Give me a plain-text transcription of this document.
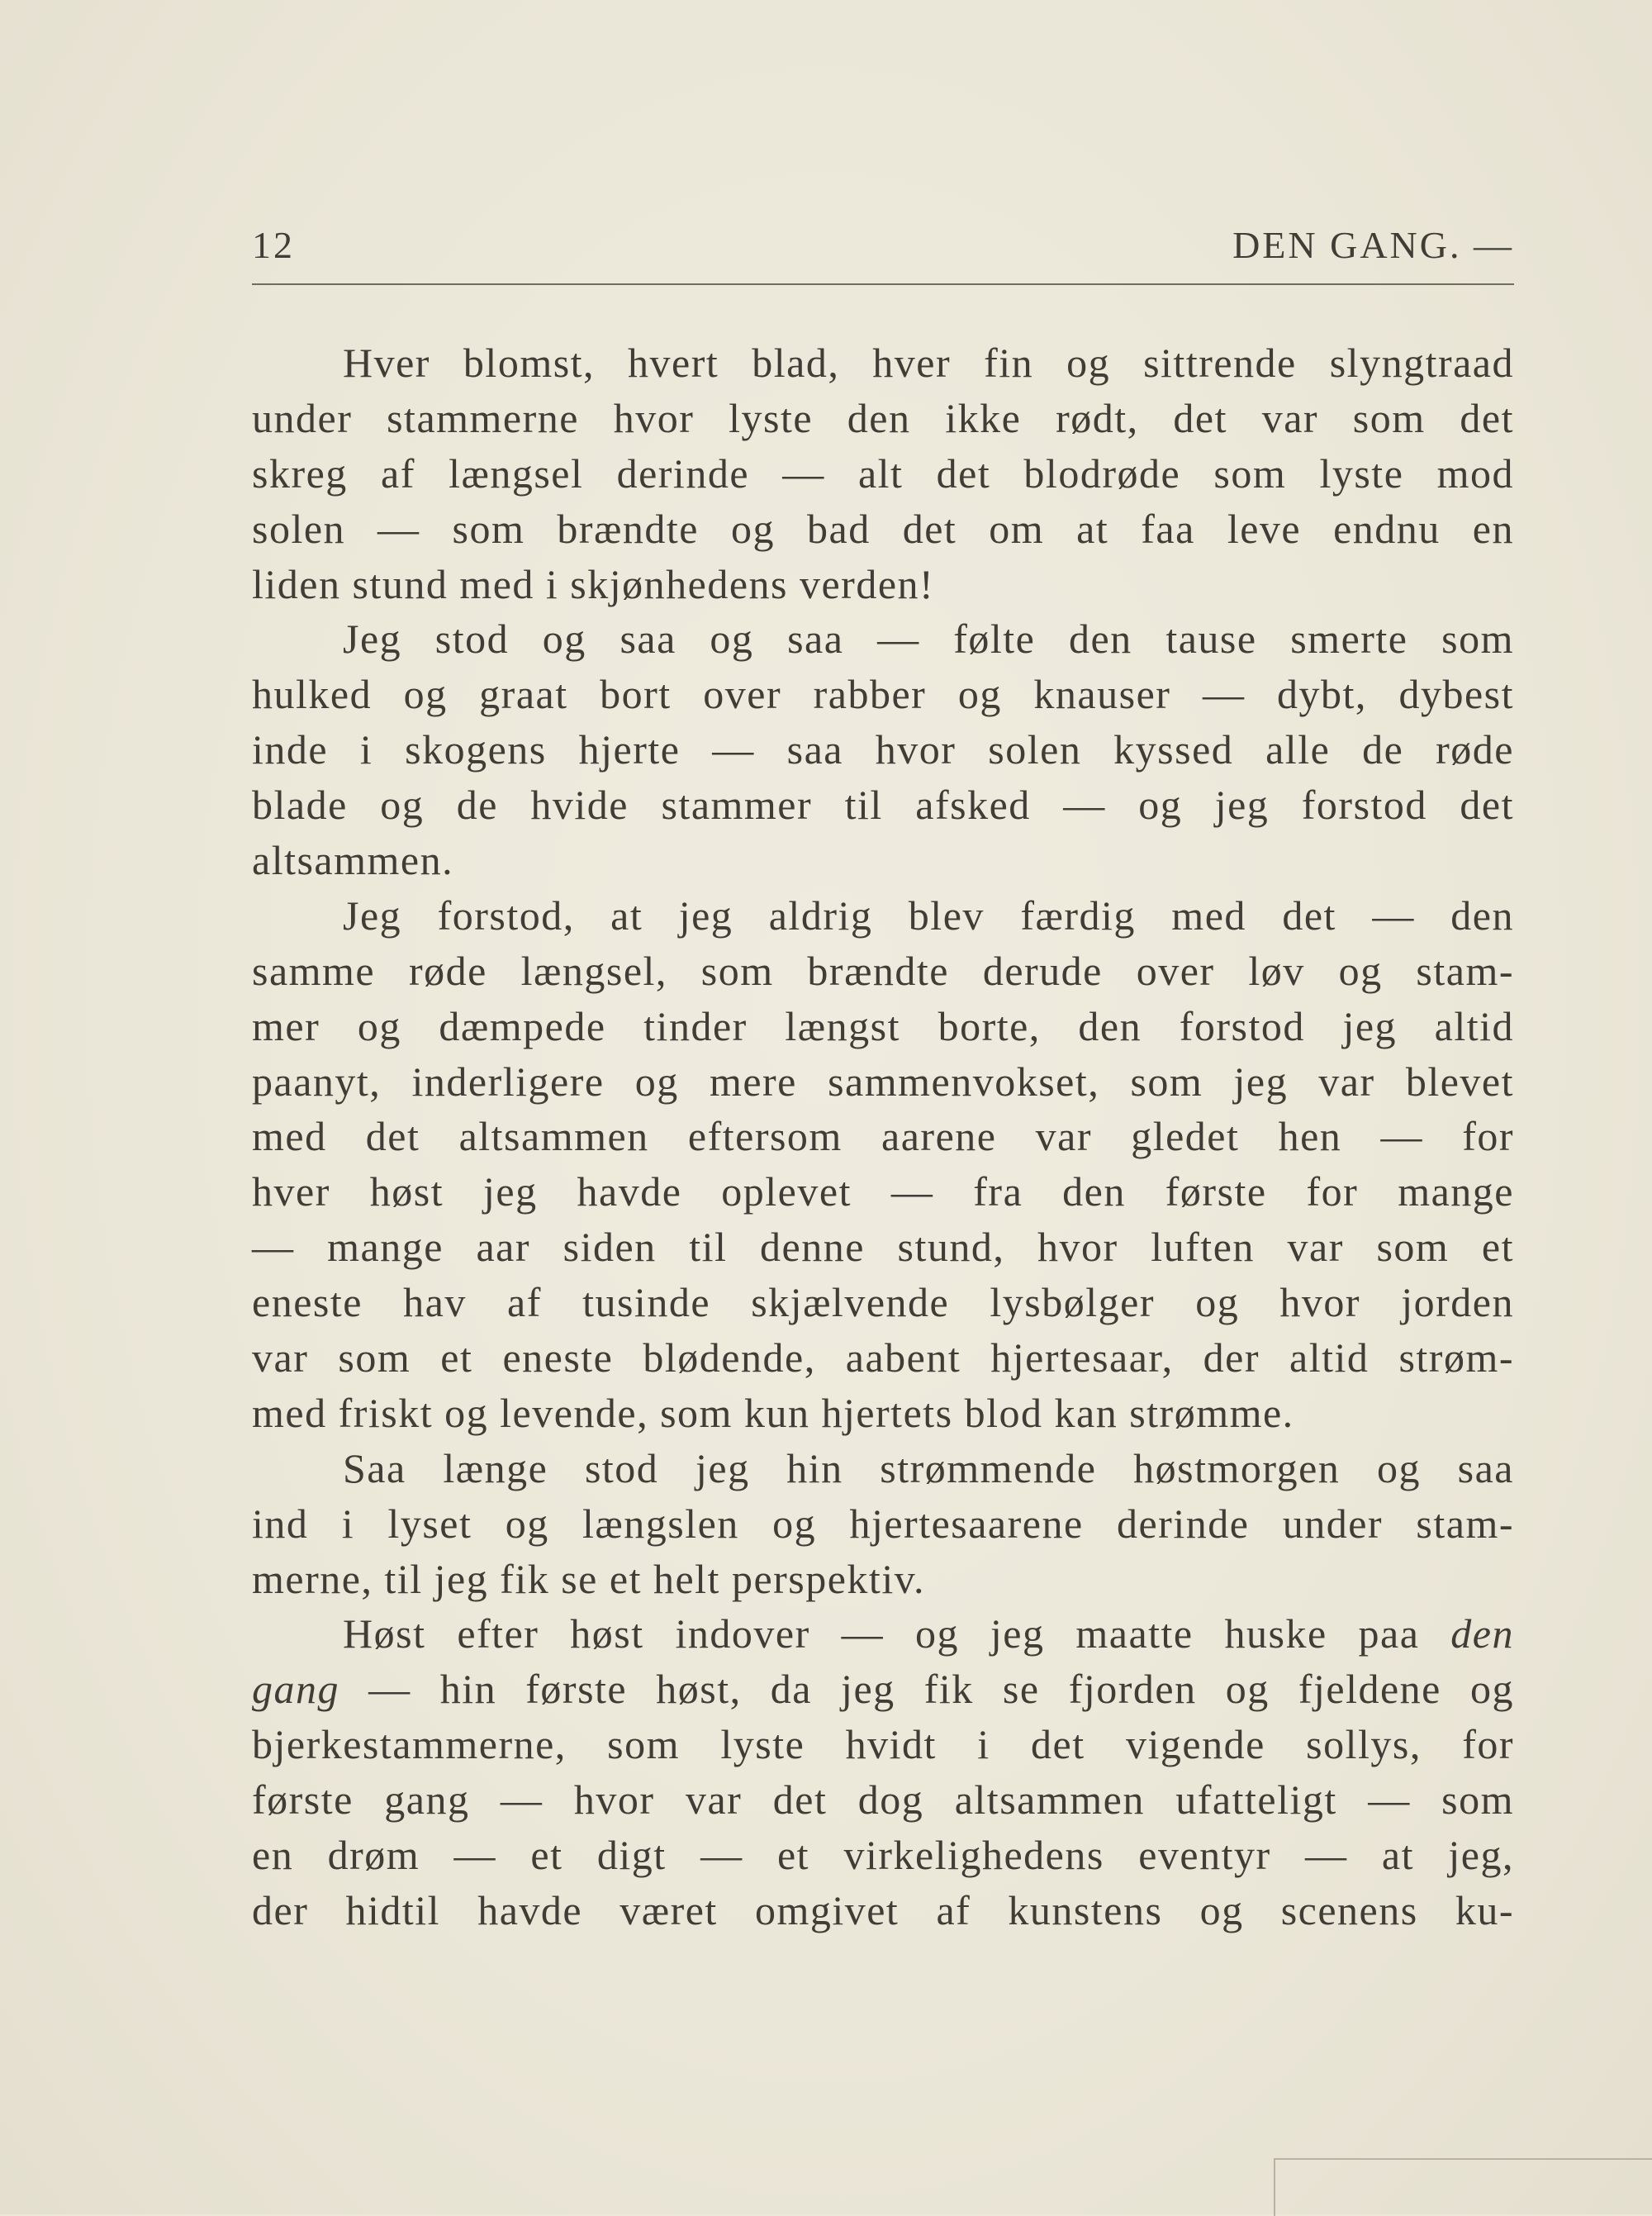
12	DEN GANG. —
Hver blomst, hvert blad, hver fin og sittrende slyngtraad
under stammerne hvor lyste den ikke rødt, det var som det
skreg af længsel derinde — alt det blodrøde som lyste mod
solen — som brændte og bad det om at faa leve endnu en
liden stund med i skjønhedens verden!
Jeg stod og saa og saa — følte den tause smerte som
hulked og graat bort over rabber og knauser — dybt, dybest
inde i skogens hjerte — saa hvor solen kyssed alle de røde
blade og de hvide stammer til afsked — og jeg forstod det
altsammen.
Jeg forstod, at jeg aldrig blev færdig med det — den
samme røde længsel, som brændte derude over løv og stam-
mer og dæmpede tinder længst borte, den forstod jeg altid
paanyt, inderligere og mere sammenvokset, som jeg var blevet
med det altsammen eftersom aarene var gledet hen — for
hver høst jeg havde oplevet — fra den første for mange
— mange aar siden til denne stund, hvor luften var som et
eneste hav af tusinde skjælvende lysbølger og hvor jorden
var som et eneste blødende, aabent hjertesaar, der altid strøm-
med friskt og levende, som kun hjertets blod kan strømme.
Saa længe stod jeg hin strømmende høstmorgen og saa
ind i lyset og længslen og hjertesaarene derinde under stam-
merne, til jeg fik se et helt perspektiv.
Høst efter høst indover — og jeg maatte huske paa den
gang — hin første høst, da jeg fik se fjorden og fjeldene og
bjerkestammerne, som lyste hvidt i det vigende sollys, for
første gang — hvor var det dog altsammen ufatteligt — som
en drøm — et digt — et virkelighedens eventyr — at jeg,
der hidtil havde været omgivet af kunstens og scenens ku-
